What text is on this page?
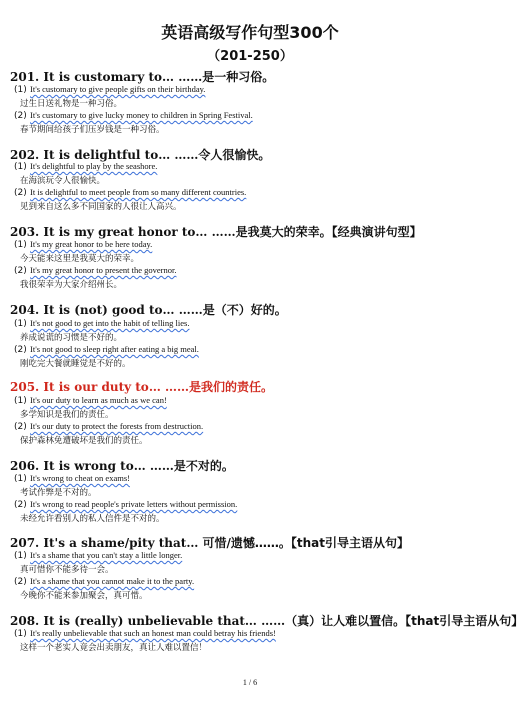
英语高级写作句型300个
（201-250）
201. It is customary to… ……是一种习俗。
(1) It's customary to give people gifts on their birthday.
过生日送礼物是一种习俗。
(2) It's customary to give lucky money to children in Spring Festival.
春节期间给孩子们压岁钱是一种习俗。
202. It is delightful to… ……令人很愉快。
(1) It's delightful to play by the seashore.
在海滨玩令人很愉快。
(2) It is delightful to meet people from so many different countries.
见到来自这么多不同国家的人很让人高兴。
203. It is my great honor to… ……是我莫大的荣幸。【经典演讲句型】
(1) It's my great honor to be here today.
今天能来这里是我莫大的荣幸。
(2) It's my great honor to present the governor.
我很荣幸为大家介绍州长。
204. It is (not) good to… ……是（不）好的。
(1) It's not good to get into the habit of telling lies.
养成说谎的习惯是不好的。
(2) It's not good to sleep right after eating a big meal.
刚吃完大餐就睡觉是不好的。
205. It is our duty to… ……是我们的责任。
(1) It's our duty to learn as much as we can!
多学知识是我们的责任。
(2) It's our duty to protect the forests from destruction.
保护森林免遭破坏是我们的责任。
206. It is wrong to… ……是不对的。
(1) It's wrong to cheat on exams!
考试作弊是不对的。
(2) It's wrong to read people's private letters without permission.
未经允许看别人的私人信件是不对的。
207. It's a shame/pity that… 可惜/遗憾……。【that引导主语从句】
(1) It's a shame that you can't stay a little longer.
真可惜你不能多待一会。
(2) It's a shame that you cannot make it to the party.
今晚你不能来参加聚会，真可惜。
208. It is (really) unbelievable that… ……（真）让人难以置信。【that引导主语从句】
(1) It's really unbelievable that such an honest man could betray his friends!
这样一个老实人竟会出卖朋友，真让人难以置信！
1 / 6
